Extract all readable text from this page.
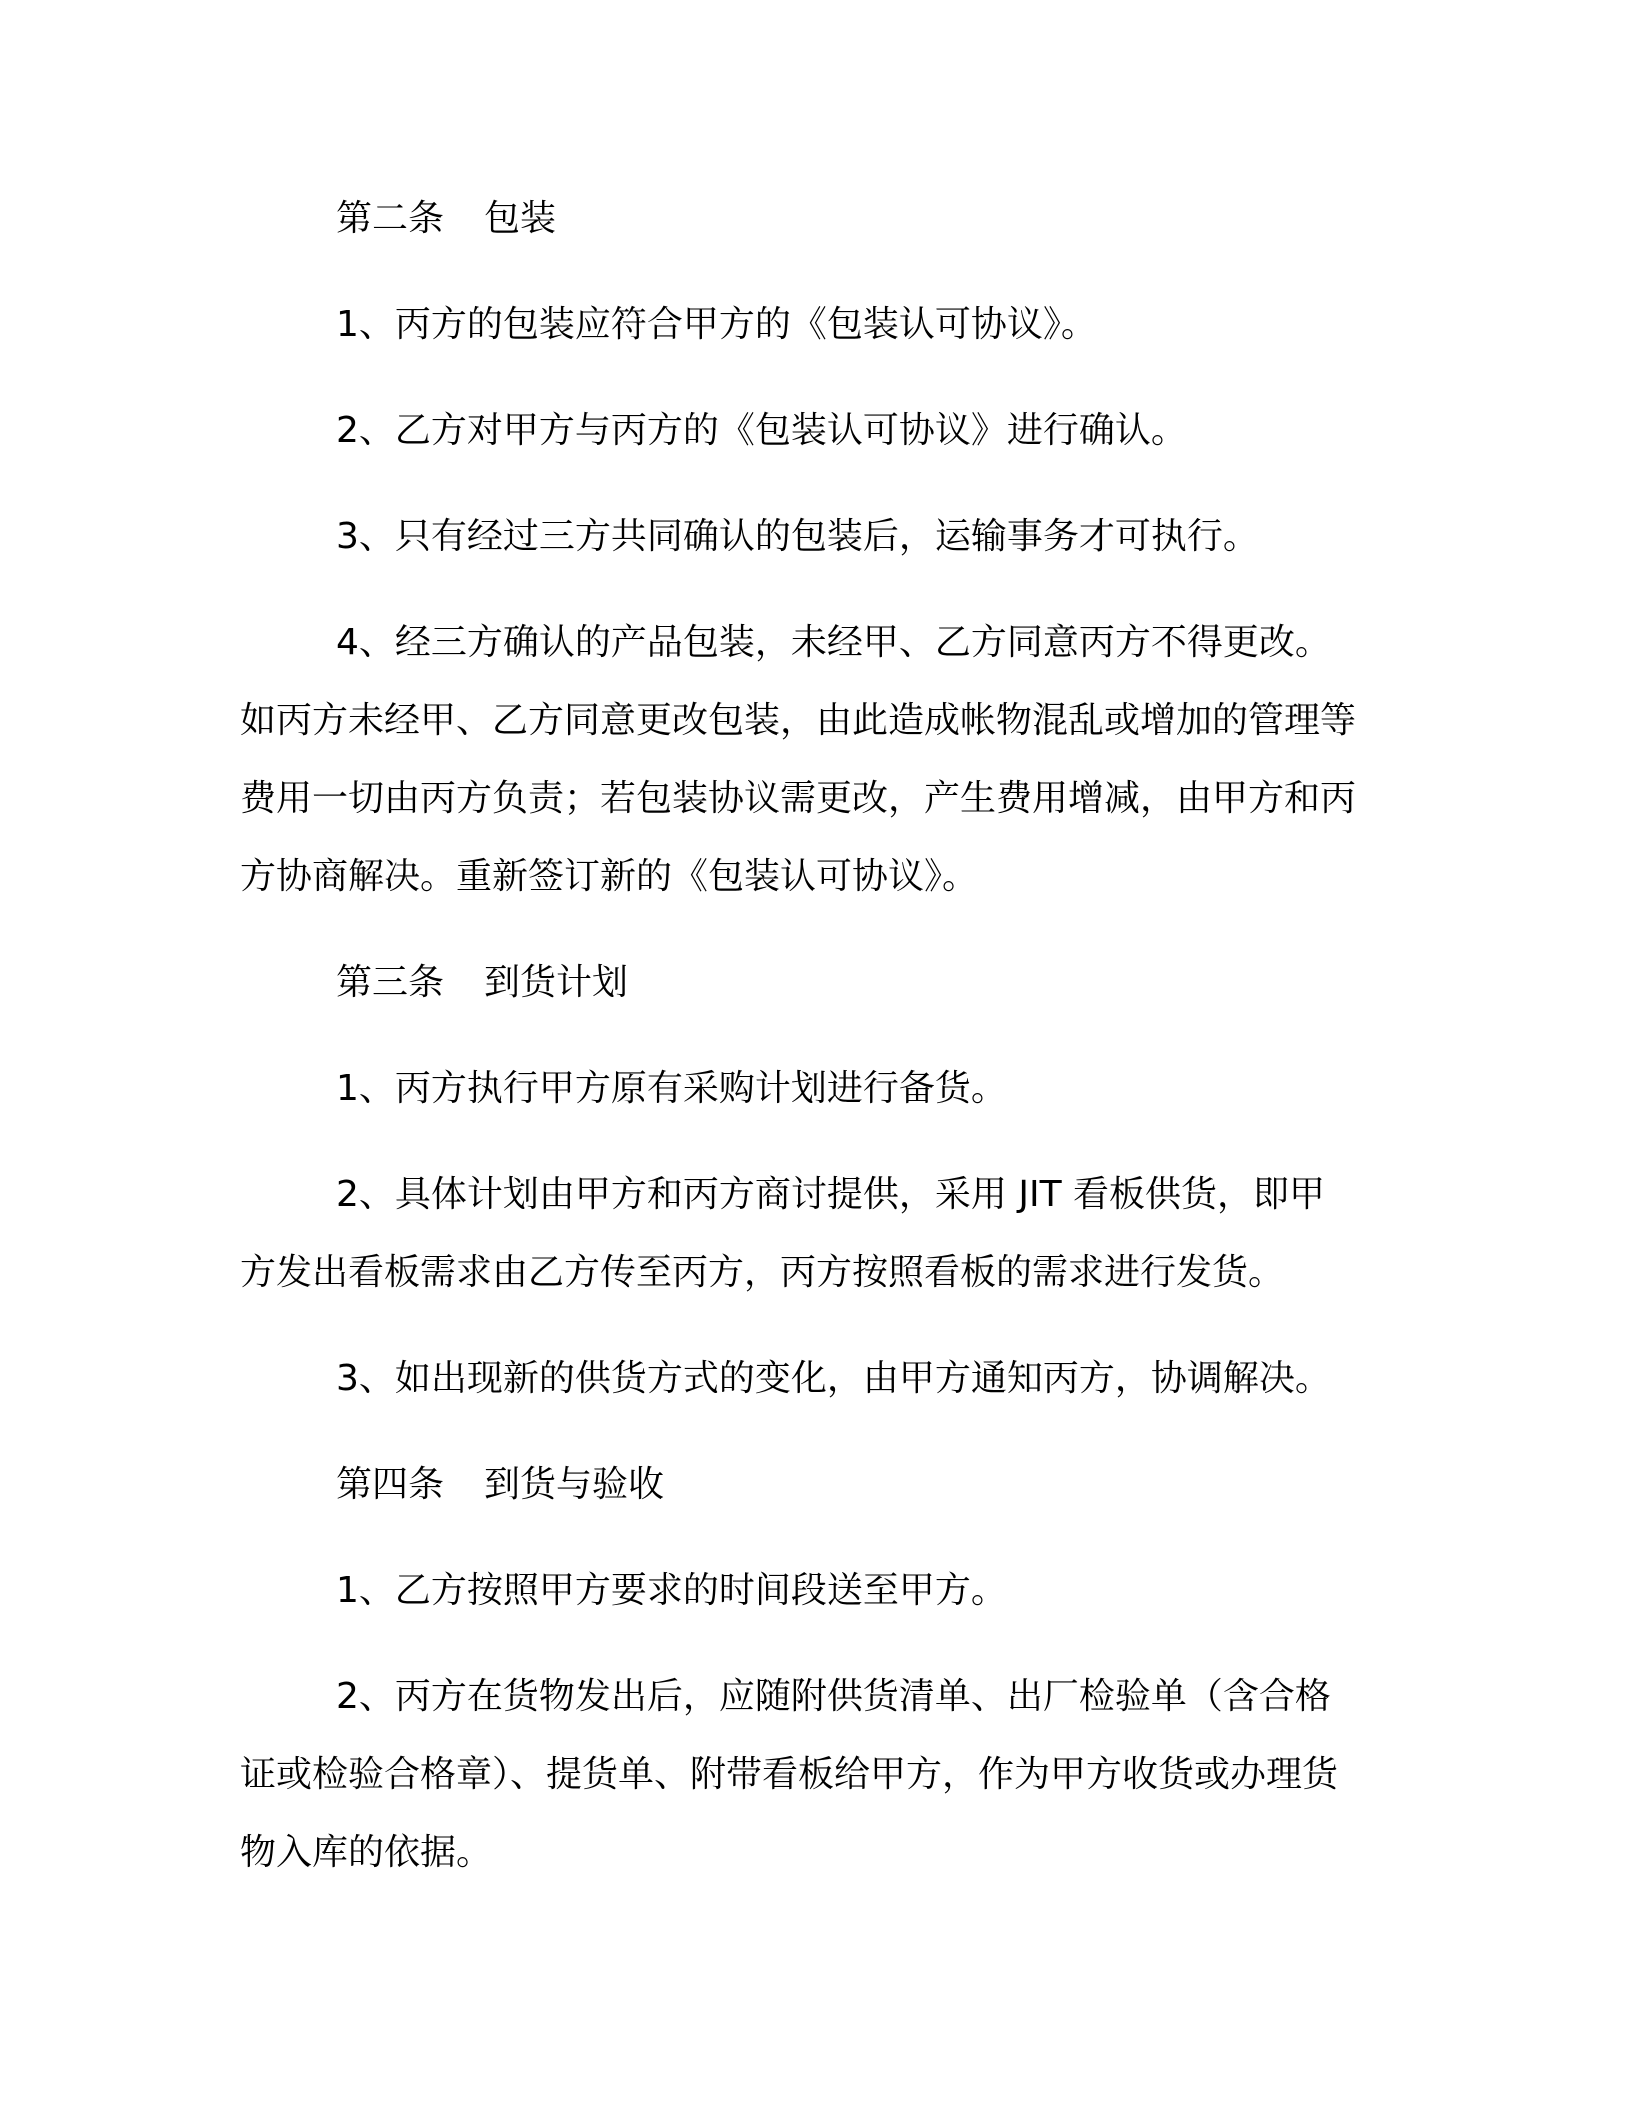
第二条 包装

1、丙方的包装应符合甲方的《包装认可协议》。

2、乙方对甲方与丙方的《包装认可协议》进行确认。

3、只有经过三方共同确认的包装后，运输事务才可执行。

4、经三方确认的产品包装，未经甲、乙方同意丙方不得更改。如丙方未经甲、乙方同意更改包装，由此造成帐物混乱或增加的管理等费用一切由丙方负责；若包装协议需更改，产生费用增减，由甲方和丙方协商解决。重新签订新的《包装认可协议》。

第三条 到货计划

1、丙方执行甲方原有采购计划进行备货。

2、具体计划由甲方和丙方商讨提供，采用 JIT 看板供货，即甲方发出看板需求由乙方传至丙方，丙方按照看板的需求进行发货。

3、如出现新的供货方式的变化，由甲方通知丙方，协调解决。

第四条 到货与验收

1、乙方按照甲方要求的时间段送至甲方。

2、丙方在货物发出后，应随附供货清单、出厂检验单（含合格证或检验合格章）、提货单、附带看板给甲方，作为甲方收货或办理货物入库的依据。
